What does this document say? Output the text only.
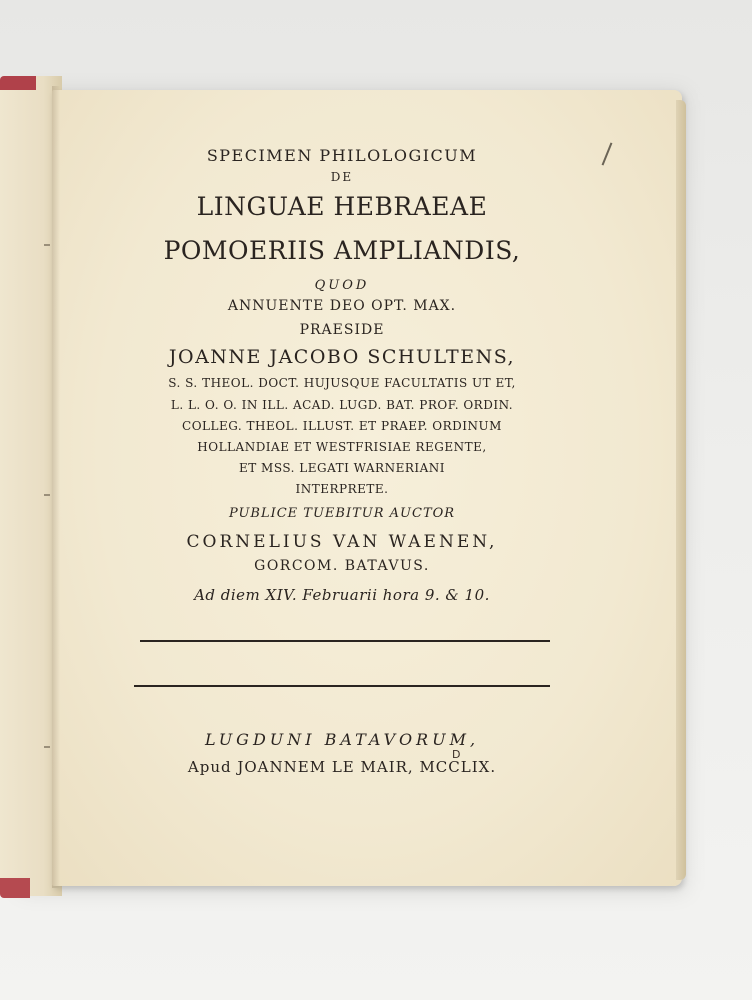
SPECIMEN PHILOLOGICUM
DE
LINGUAE HEBRAEAE
POMOERIIS AMPLIANDIS,
QUOD
ANNUENTE DEO OPT. MAX.
PRAESIDE
JOANNE JACOBO SCHULTENS,
S. S. THEOL. DOCT. HUJUSQUE FACULTATIS UT ET,
L. L. O. O. IN ILL. ACAD. LUGD. BAT. PROF. ORDIN.
COLLEG. THEOL. ILLUST. ET PRAEP. ORDINUM
HOLLANDIAE ET WESTFRISIAE REGENTE,
ET MSS. LEGATI WARNERIANI
INTERPRETE.
PUBLICE TUEBITUR AUCTOR
CORNELIUS VAN WAENEN,
GORCOM. BATAVUS.
Ad diem XIV. Februarii hora 9. & 10.
LUGDUNI BATAVORUM,
Apud JOANNEM LE MAIR, MCCLIX.
D
